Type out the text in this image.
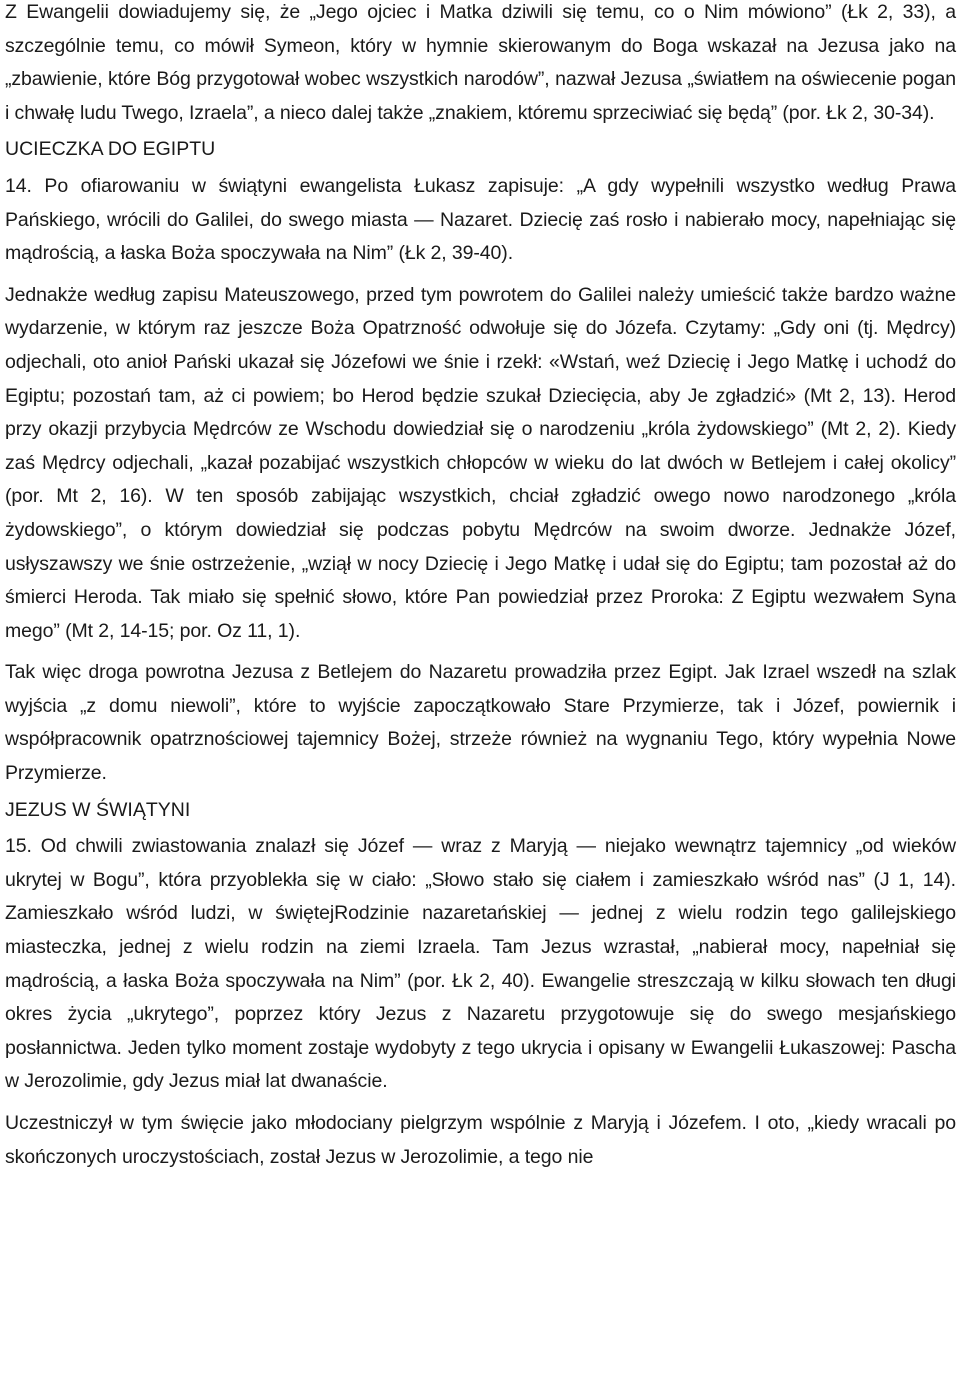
Z Ewangelii dowiadujemy się, że „Jego ojciec i Matka dziwili się temu, co o Nim mówiono” (Łk 2, 33), a szczególnie temu, co mówił Symeon, który w hymnie skierowanym do Boga wskazał na Jezusa jako na „zbawienie, które Bóg przygotował wobec wszystkich narodów”, nazwał Jezusa „światłem na oświecenie pogan i chwałę ludu Twego, Izraela”, a nieco dalej także „znakiem, któremu sprzeciwiać się będą” (por. Łk 2, 30-34).

UCIECZKA DO EGIPTU

14. Po ofiarowaniu w świątyni ewangelista Łukasz zapisuje: „A gdy wypełnili wszystko według Prawa Pańskiego, wrócili do Galilei, do swego miasta — Nazaret. Dziecię zaś rosło i nabierało mocy, napełniając się mądrością, a łaska Boża spoczywała na Nim” (Łk 2, 39-40).

Jednakże według zapisu Mateuszowego, przed tym powrotem do Galilei należy umieścić także bardzo ważne wydarzenie, w którym raz jeszcze Boża Opatrzność odwołuje się do Józefa. Czytamy: „Gdy oni (tj. Mędrcy) odjechali, oto anioł Pański ukazał się Józefowi we śnie i rzekł: «Wstań, weź Dziecię i Jego Matkę i uchodź do Egiptu; pozostań tam, aż ci powiem; bo Herod będzie szukał Dziecięcia, aby Je zgładzić» (Mt 2, 13). Herod przy okazji przybycia Mędrców ze Wschodu dowiedział się o narodzeniu „króla żydowskiego” (Mt 2, 2). Kiedy zaś Mędrcy odjechali, „kazał pozabijać wszystkich chłopców w wieku do lat dwóch w Betlejem i całej okolicy” (por. Mt 2, 16). W ten sposób zabijając wszystkich, chciał zgładzić owego nowo narodzonego „króla żydowskiego”, o którym dowiedział się podczas pobytu Mędrców na swoim dworze. Jednakże Józef, usłyszawszy we śnie ostrzeżenie, „wziął w nocy Dziecię i Jego Matkę i udał się do Egiptu; tam pozostał aż do śmierci Heroda. Tak miało się spełnić słowo, które Pan powiedział przez Proroka: Z Egiptu wezwałem Syna mego” (Mt 2, 14-15; por. Oz 11, 1).

Tak więc droga powrotna Jezusa z Betlejem do Nazaretu prowadziła przez Egipt. Jak Izrael wszedł na szlak wyjścia „z domu niewoli”, które to wyjście zapoczątkowało Stare Przymierze, tak i Józef, powiernik i współpracownik opatrznościowej tajemnicy Bożej, strzeże również na wygnaniu Tego, który wypełnia Nowe Przymierze.

JEZUS W ŚWIĄTYNI

15. Od chwili zwiastowania znalazł się Józef — wraz z Maryją — niejako wewnątrz tajemnicy „od wieków ukrytej w Bogu”, która przyoblekła się w ciało: „Słowo stało się ciałem i zamieszkało wśród nas” (J 1, 14). Zamieszkało wśród ludzi, w świętejRodzinie nazaretańskiej — jednej z wielu rodzin tego galilejskiego miasteczka, jednej z wielu rodzin na ziemi Izraela. Tam Jezus wzrastał, „nabierał mocy, napełniał się mądrością, a łaska Boża spoczywała na Nim” (por. Łk 2, 40). Ewangelie streszczają w kilku słowach ten długi okres życia „ukrytego”, poprzez który Jezus z Nazaretu przygotowuje się do swego mesjańskiego posłannictwa. Jeden tylko moment zostaje wydobyty z tego ukrycia i opisany w Ewangelii Łukaszowej: Pascha w Jerozolimie, gdy Jezus miał lat dwanaście.

Uczestniczył w tym święcie jako młodociany pielgrzym wspólnie z Maryją i Józefem. I oto, „kiedy wracali po skończonych uroczystościach, został Jezus w Jerozolimie, a tego nie
